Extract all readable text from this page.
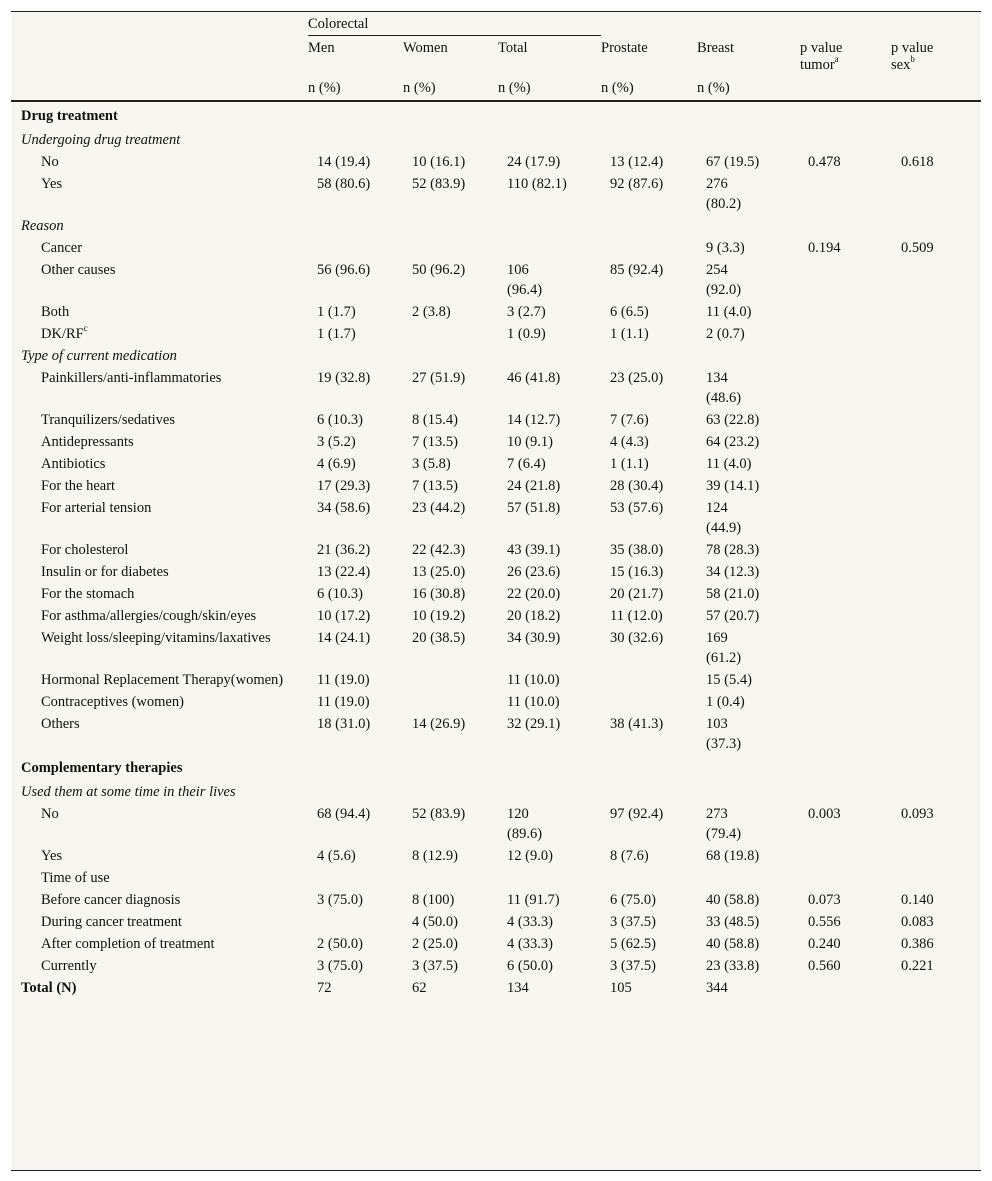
	Colorectal						
	Men	Women	Total	Prostate	Breast	p value tumor$^a$	p value sex$^b$

	n (%)	n (%)	n (%)	n (%)	n (%)		
Drug treatment							
Undergoing drug treatment							
No	14 (19.4)	10 (16.1)	24 (17.9)	13 (12.4)	67 (19.5)	0.478	0.618
Yes	58 (80.6)	52 (83.9)	110 (82.1)	92 (87.6)	276 (80.2)		

Reason							
Cancer					9 (3.3)	0.194	0.509
Other causes	56 (96.6)	50 (96.2)	106 (96.4)	85 (92.4)	254 (92.0)		

Both	1 (1.7)	2 (3.8)	3 (2.7)	6 (6.5)	11 (4.0)		

$DK/RF^c$	1 (1.7)		1 (0.9)	1 (1.1)	2 (0.7)		

Type of current medication							
Painkillers/anti-inflammatories	19 (32.8)	27 (51.9)	46 (41.8)	23 (25.0)	134 (48.6)		

Tranquilizers/sedatives	6 (10.3)	8 (15.4)	14 (12.7)	7 (7.6)	63 (22.8)		

Antidepressants	3 (5.2)	7 (13.5)	10 (9.1)	4 (4.3)	64 (23.2)		

Antibiotics	4 (6.9)	3 (5.8)	7 (6.4)	1 (1.1)	11 (4.0)		

For the heart	17 (29.3)	7 (13.5)	24 (21.8)	28 (30.4)	39 (14.1)		

For arterial tension	34 (58.6)	23 (44.2)	57 (51.8)	53 (57.6)	124 (44.9)		

For cholesterol	21 (36.2)	22 (42.3)	43 (39.1)	35 (38.0)	78 (28.3)		

Insulin or for diabetes	13 (22.4)	13 (25.0)	26 (23.6)	15 (16.3)	34 (12.3)		

For the stomach	6 (10.3)	16 (30.8)	22 (20.0)	20 (21.7)	58 (21.0)		

For asthma/allergies/cough/skin/eyes	10 (17.2)	10 (19.2)	20 (18.2)	11 (12.0)	57 (20.7)		

Weight loss/sleeping/vitamins/laxatives	14 (24.1)	20 (38.5)	34 (30.9)	30 (32.6)	169 (61.2)		

Hormonal Replacement Therapy(women)	11 (19.0)		11 (10.0)		15 (5.4)		

Contraceptives (women)	11 (19.0)		11 (10.0)		1 (0.4)		

Others	18 (31.0)	14 (26.9)	32 (29.1)	38 (41.3)	103 (37.3)		

Complementary therapies							
Used them at some time in their lives							
No	68 (94.4)	52 (83.9)	120 (89.6)	97 (92.4)	273 (79.4)	0.003	0.093
Yes	4 (5.6)	8 (12.9)	12 (9.0)	8 (7.6)	68 (19.8)		

Time of use	

Before cancer diagnosis	3 (75.0)	8 (100)	11 (91.7)	6 (75.0)	40 (58.8)	0.073	0.140
During cancer treatment		4 (50.0)	4 (33.3)	3 (37.5)	33 (48.5)	0.556	0.083
After completion of treatment	2 (50.0)	2 (25.0)	4 (33.3)	5 (62.5)	40 (58.8)	0.240	0.386
Currently	3 (75.0)	3 (37.5)	6 (50.0)	3 (37.5)	23 (33.8)	0.560	0.221
Total (N)	72	62	134	105	344		
